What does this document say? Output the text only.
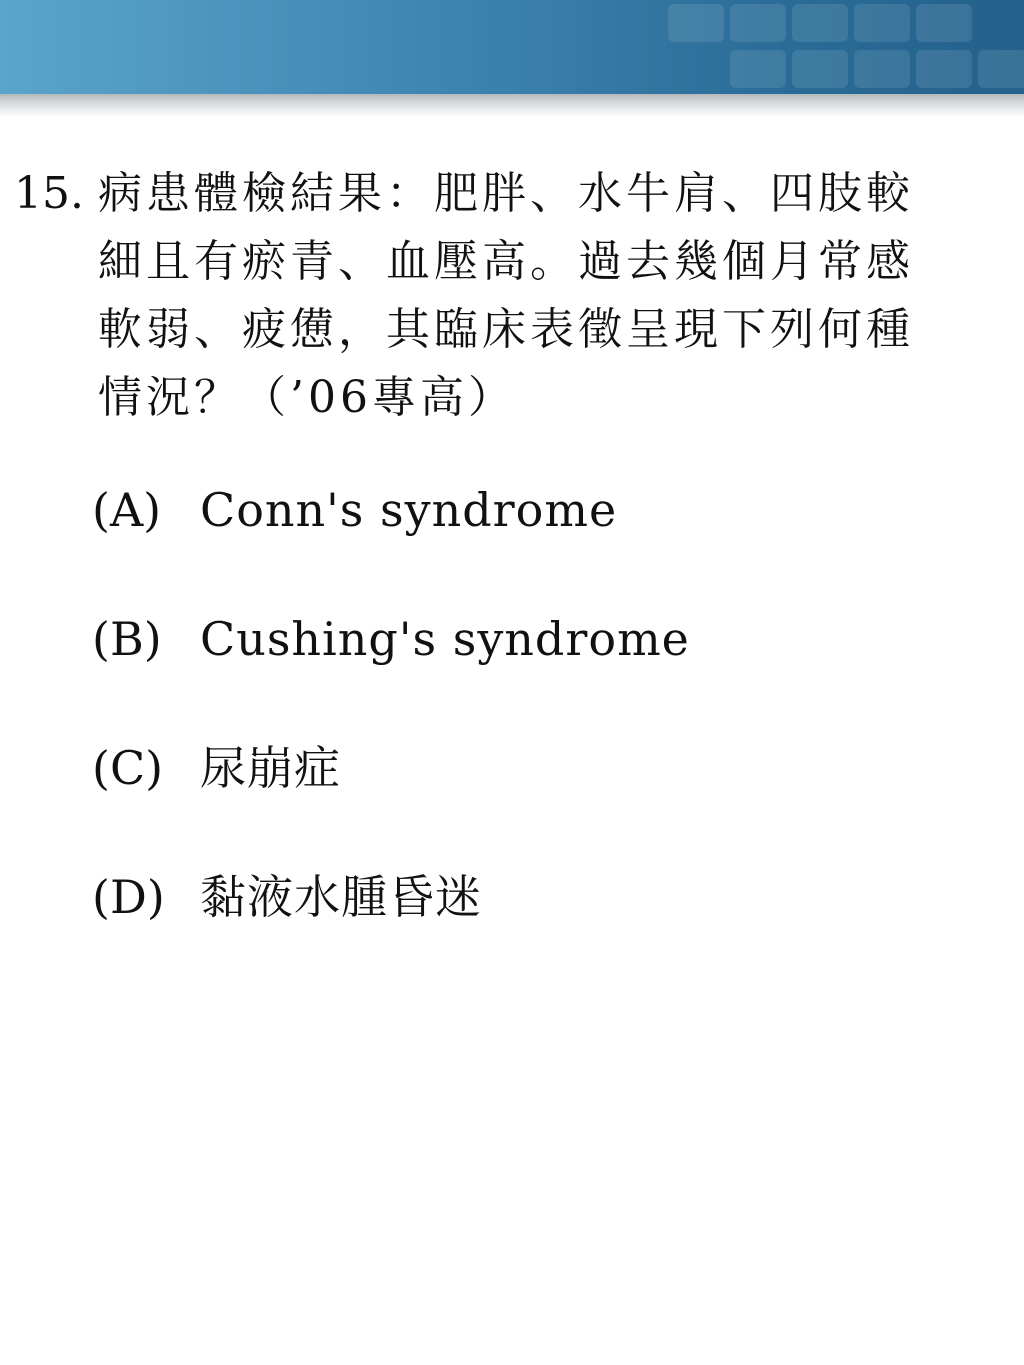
15. 病患體檢結果：肥胖、水牛肩、四肢較
細且有瘀青、血壓高。過去幾個月常感
軟弱、疲憊，其臨床表徵呈現下列何種
情況？（’06專高）
(A) Conn's syndrome
(B) Cushing's syndrome
(C) 尿崩症
(D) 黏液水腫昏迷
